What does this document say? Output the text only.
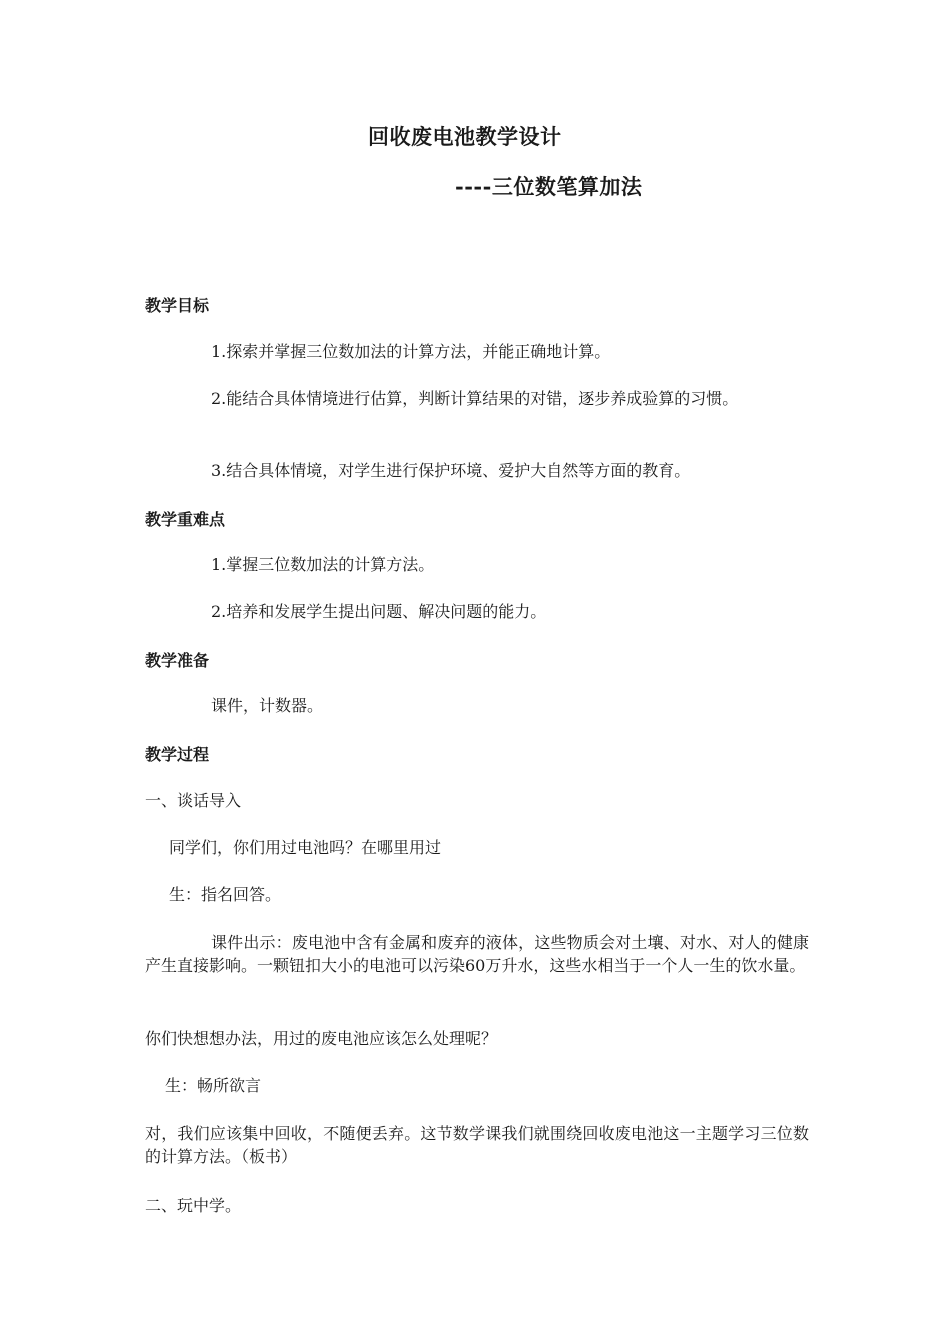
回收废电池教学设计
----三位数笔算加法
教学目标
1.探索并掌握三位数加法的计算方法，并能正确地计算。
2.能结合具体情境进行估算，判断计算结果的对错，逐步养成验算的习惯。
3.结合具体情境，对学生进行保护环境、爱护大自然等方面的教育。
教学重难点
1.掌握三位数加法的计算方法。
2.培养和发展学生提出问题、解决问题的能力。
教学准备
课件，计数器。
教学过程
一、谈话导入
同学们，你们用过电池吗？在哪里用过
生：指名回答。
课件出示：废电池中含有金属和废弃的液体，这些物质会对土壤、对水、对人的健康产生直接影响。一颗钮扣大小的电池可以污染60万升水，这些水相当于一个人一生的饮水量。
你们快想想办法，用过的废电池应该怎么处理呢？
生：畅所欲言
对，我们应该集中回收，不随便丢弃。这节数学课我们就围绕回收废电池这一主题学习三位数的计算方法。（板书）
二、玩中学。
